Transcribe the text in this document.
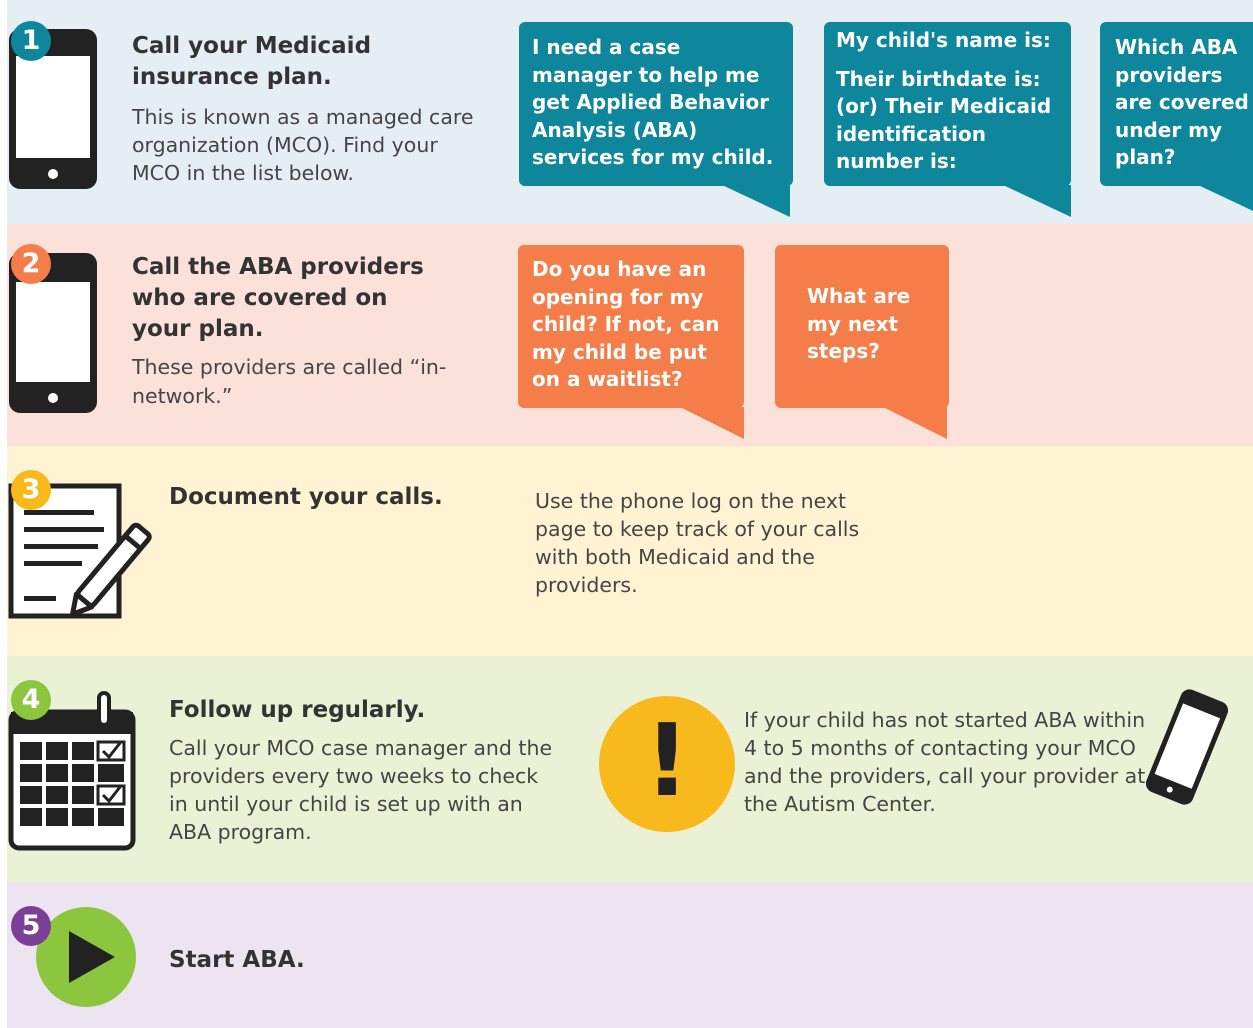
1	Call your Medicaid insurance plan.
This is known as a managed care organization (MCO). Find your MCO in the list below.
I need a case manager to help me get Applied Behavior Analysis (ABA) services for my child.
My child's name is:
Their birthdate is: (or) Their Medicaid identification number is:
Which ABA providers are covered under my plan?
2	Call the ABA providers who are covered on your plan.
These providers are called “in-network.”
Do you have an opening for my child? If not, can my child be put on a waitlist?
What are my next steps?
3	Document your calls.	Use the phone log on the next page to keep track of your calls with both Medicaid and the providers.
4	Follow up regularly.
Call your MCO case manager and the providers every two weeks to check in until your child is set up with an ABA program.
!	If your child has not started ABA within 4 to 5 months of contacting your MCO and the providers, call your provider at the Autism Center.
5
Start ABA.
